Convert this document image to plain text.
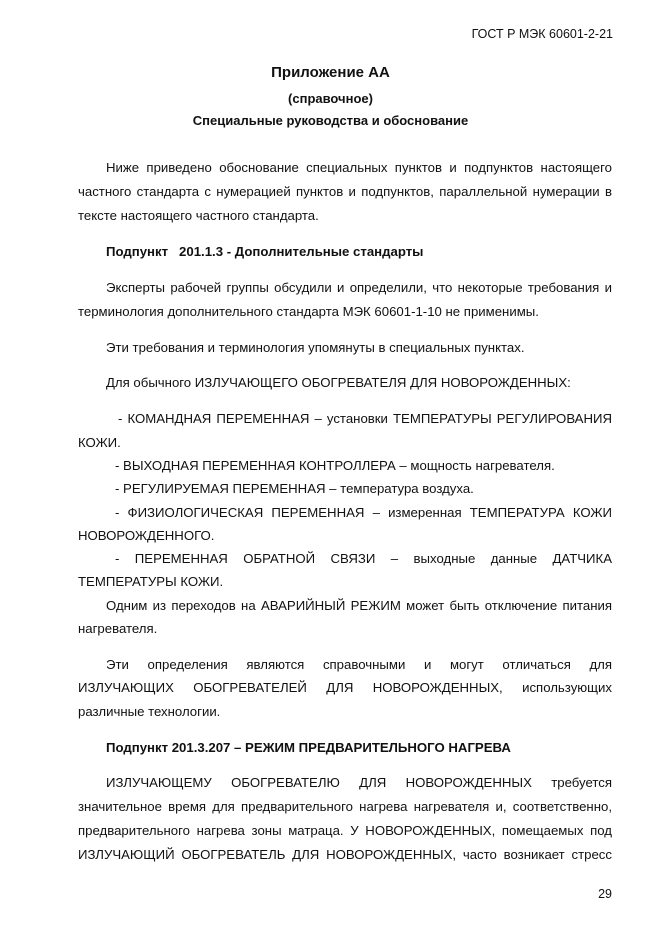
ГОСТ Р МЭК 60601-2-21
Приложение АА
(справочное)
Специальные руководства и обоснование
Ниже приведено обоснование специальных пунктов и подпунктов настоящего
частного стандарта с нумерацией пунктов и подпунктов, параллельной нумерации в
тексте настоящего частного стандарта.
Подпункт   201.1.3 - Дополнительные стандарты
Эксперты рабочей группы обсудили и определили, что некоторые требования и
терминология дополнительного стандарта МЭК 60601-1-10 не применимы.
Эти требования и терминология упомянуты в специальных пунктах.
Для обычного ИЗЛУЧАЮЩЕГО ОБОГРЕВАТЕЛЯ ДЛЯ НОВОРОЖДЕННЫХ:
- КОМАНДНАЯ ПЕРЕМЕННАЯ – установки ТЕМПЕРАТУРЫ РЕГУЛИРОВАНИЯ
КОЖИ.
- ВЫХОДНАЯ ПЕРЕМЕННАЯ КОНТРОЛЛЕРА – мощность нагревателя.
- РЕГУЛИРУЕМАЯ ПЕРЕМЕННАЯ – температура воздуха.
- ФИЗИОЛОГИЧЕСКАЯ ПЕРЕМЕННАЯ – измеренная ТЕМПЕРАТУРА КОЖИ
НОВОРОЖДЕННОГО.
- ПЕРЕМЕННАЯ ОБРАТНОЙ СВЯЗИ – выходные данные ДАТЧИКА
ТЕМПЕРАТУРЫ КОЖИ.
Одним из переходов на АВАРИЙНЫЙ РЕЖИМ может быть отключение питания
нагревателя.
Эти определения являются справочными и могут отличаться для
ИЗЛУЧАЮЩИХ ОБОГРЕВАТЕЛЕЙ ДЛЯ НОВОРОЖДЕННЫХ, использующих
различные технологии.
Подпункт 201.3.207 – РЕЖИМ ПРЕДВАРИТЕЛЬНОГО НАГРЕВА
ИЗЛУЧАЮЩЕМУ ОБОГРЕВАТЕЛЮ ДЛЯ НОВОРОЖДЕННЫХ требуется
значительное время для предварительного нагрева нагревателя и, соответственно,
предварительного нагрева зоны матраца. У НОВОРОЖДЕННЫХ, помещаемых под
ИЗЛУЧАЮЩИЙ ОБОГРЕВАТЕЛЬ ДЛЯ НОВОРОЖДЕННЫХ, часто возникает стресс
29
